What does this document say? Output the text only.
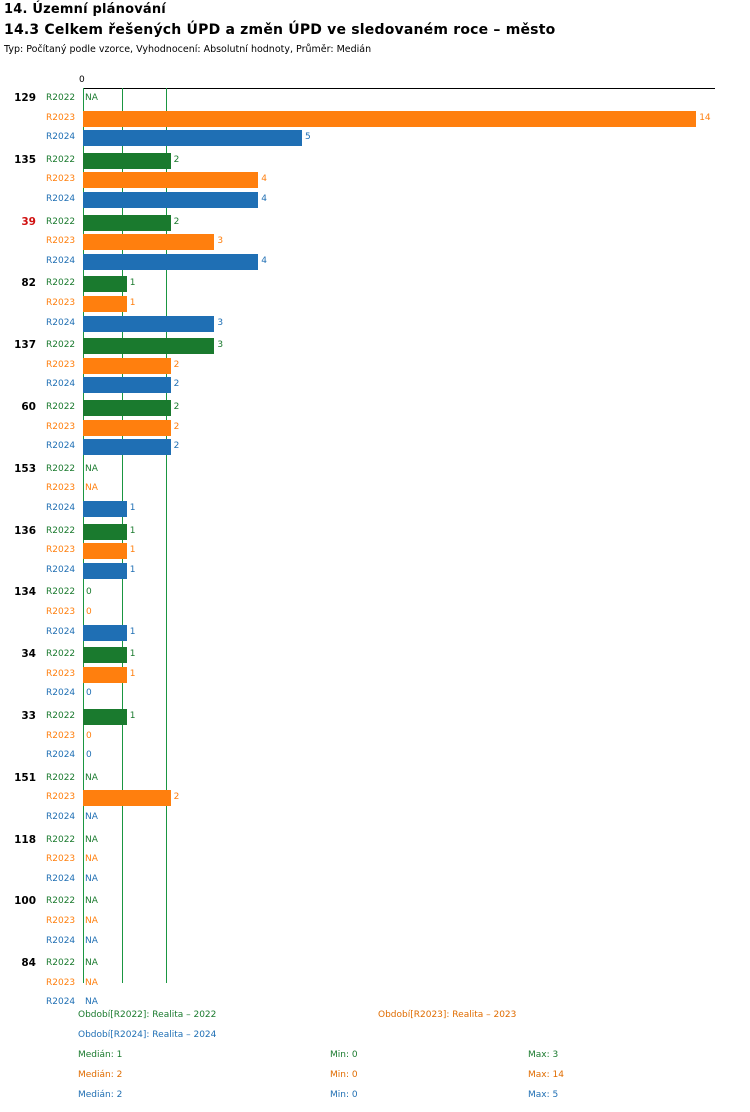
14. Územní plánování
14.3 Celkem řešených ÚPD a změn ÚPD ve sledovaném roce – město
Typ: Počítaný podle vzorce, Vyhodnocení: Absolutní hodnoty, Průměr: Medián
0
129 R2022 NA
R2023	14
R2024	5
135 R2022	2
R2023	4
R2024	4
39 R2022	2
R2023	3
R2024	4
82 R2022	1
R2023	1
R2024	3
137 R2022	3
R2023	2
R2024	2
60 R2022	2
R2023	2
R2024	2
153 R2022 NA
R2023 NA
R2024	1
136 R2022	1
R2023	1
R2024	1
134 R2022 0
R2023 0
R2024	1
34 R2022	1
R2023	1
R2024 0
33 R2022	1
R2023 0
R2024 0
151 R2022 NA
R2023	2
R2024 NA
118 R2022 NA
R2023 NA
R2024 NA
100 R2022 NA
R2023 NA
R2024 NA
84 R2022 NA
R2023 NA
R2024 NA
Období[R2022]: Realita – 2022	Období[R2023]: Realita – 2023
Období[R2024]: Realita – 2024
Medián: 1	Min: 0	Max: 3
Medián: 2	Min: 0	Max: 14
Medián: 2	Min: 0	Max: 5
